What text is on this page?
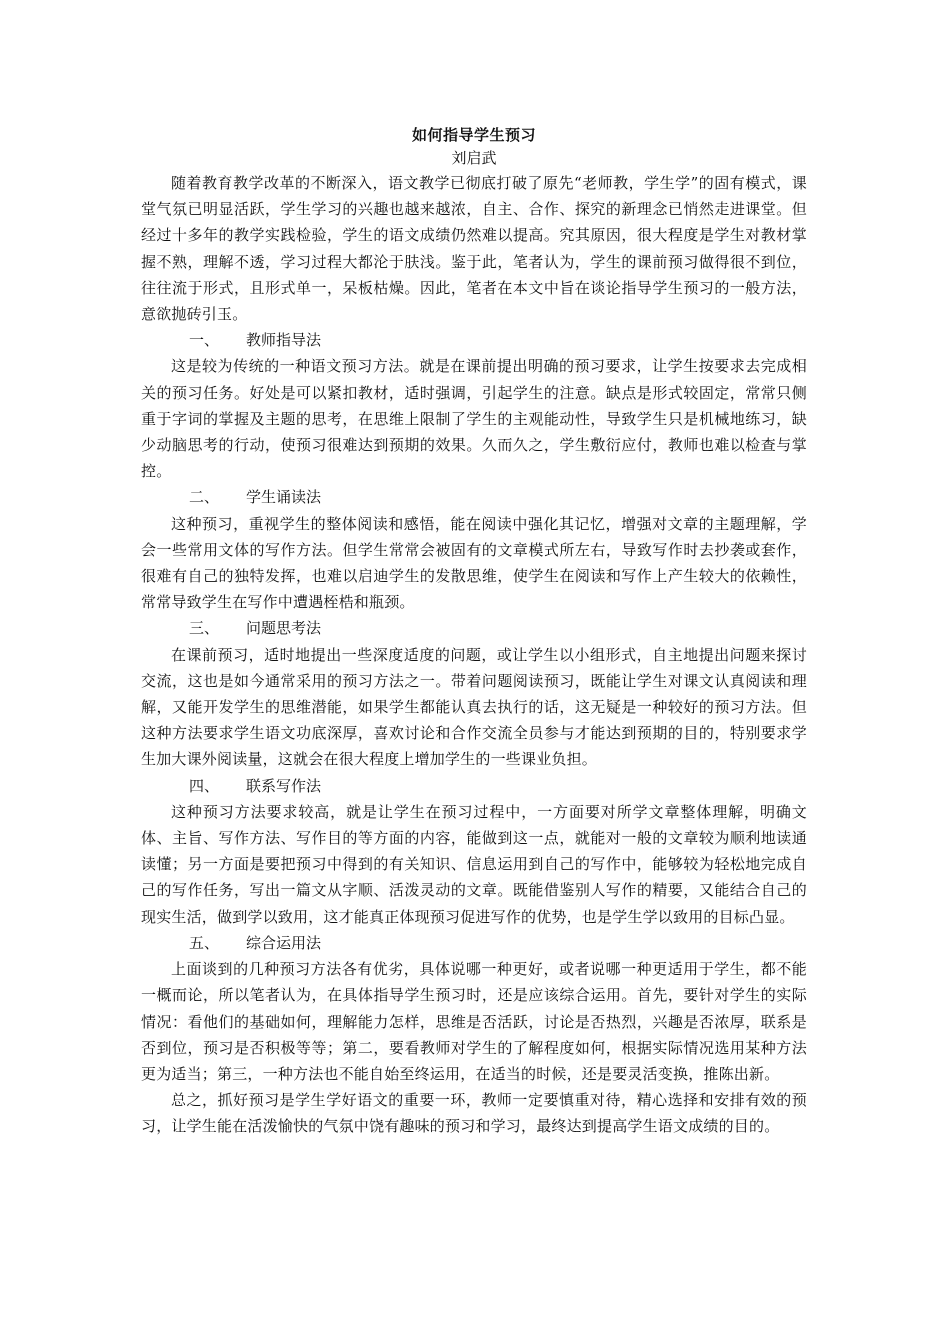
如何指导学生预习

刘启武

随着教育教学改革的不断深入，语文教学已彻底打破了原先“老师教，学生学”的固有模式，课堂气氛已明显活跃，学生学习的兴趣也越来越浓，自主、合作、探究的新理念已悄然走进课堂。但经过十多年的教学实践检验，学生的语文成绩仍然难以提高。究其原因，很大程度是学生对教材掌握不熟，理解不透，学习过程大都沦于肤浅。鉴于此，笔者认为，学生的课前预习做得很不到位，往往流于形式，且形式单一，呆板枯燥。因此，笔者在本文中旨在谈论指导学生预习的一般方法，意欲抛砖引玉。

一、 教师指导法

这是较为传统的一种语文预习方法。就是在课前提出明确的预习要求，让学生按要求去完成相关的预习任务。好处是可以紧扣教材，适时强调，引起学生的注意。缺点是形式较固定，常常只侧重于字词的掌握及主题的思考，在思维上限制了学生的主观能动性，导致学生只是机械地练习，缺少动脑思考的行动，使预习很难达到预期的效果。久而久之，学生敷衍应付，教师也难以检查与掌控。

二、 学生诵读法

这种预习，重视学生的整体阅读和感悟，能在阅读中强化其记忆，增强对文章的主题理解，学会一些常用文体的写作方法。但学生常常会被固有的文章模式所左右，导致写作时去抄袭或套作，很难有自己的独特发挥，也难以启迪学生的发散思维，使学生在阅读和写作上产生较大的依赖性，常常导致学生在写作中遭遇桎梏和瓶颈。

三、 问题思考法

在课前预习，适时地提出一些深度适度的问题，或让学生以小组形式，自主地提出问题来探讨交流，这也是如今通常采用的预习方法之一。带着问题阅读预习，既能让学生对课文认真阅读和理解，又能开发学生的思维潜能，如果学生都能认真去执行的话，这无疑是一种较好的预习方法。但这种方法要求学生语文功底深厚，喜欢讨论和合作交流全员参与才能达到预期的目的，特别要求学生加大课外阅读量，这就会在很大程度上增加学生的一些课业负担。

四、 联系写作法

这种预习方法要求较高，就是让学生在预习过程中，一方面要对所学文章整体理解，明确文体、主旨、写作方法、写作目的等方面的内容，能做到这一点，就能对一般的文章较为顺利地读通读懂；另一方面是要把预习中得到的有关知识、信息运用到自己的写作中，能够较为轻松地完成自己的写作任务，写出一篇文从字顺、活泼灵动的文章。既能借鉴别人写作的精要，又能结合自己的现实生活，做到学以致用，这才能真正体现预习促进写作的优势，也是学生学以致用的目标凸显。

五、 综合运用法

上面谈到的几种预习方法各有优劣，具体说哪一种更好，或者说哪一种更适用于学生，都不能一概而论，所以笔者认为，在具体指导学生预习时，还是应该综合运用。首先，要针对学生的实际情况：看他们的基础如何，理解能力怎样，思维是否活跃，讨论是否热烈，兴趣是否浓厚，联系是否到位，预习是否积极等等；第二，要看教师对学生的了解程度如何，根据实际情况选用某种方法更为适当；第三，一种方法也不能自始至终运用，在适当的时候，还是要灵活变换，推陈出新。

总之，抓好预习是学生学好语文的重要一环，教师一定要慎重对待，精心选择和安排有效的预习，让学生能在活泼愉快的气氛中饶有趣味的预习和学习，最终达到提高学生语文成绩的目的。
